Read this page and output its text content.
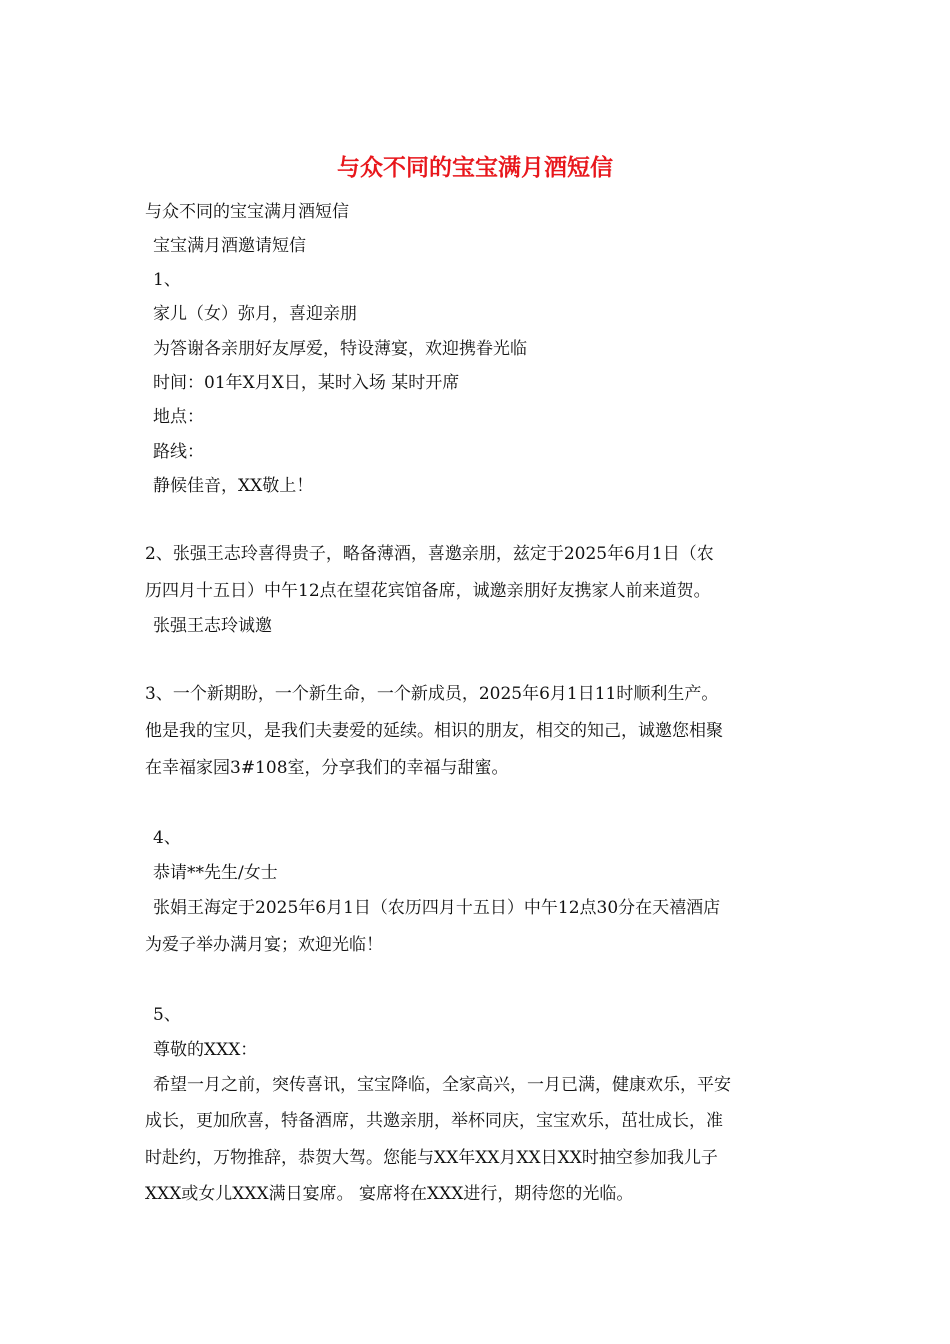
与众不同的宝宝满月酒短信
与众不同的宝宝满月酒短信
宝宝满月酒邀请短信
1、
家儿（女）弥月，喜迎亲朋
为答谢各亲朋好友厚爱，特设薄宴，欢迎携眷光临
时间：01年X月X日，某时入场 某时开席
地点：
路线：
静候佳音，XX敬上！
2、张强王志玲喜得贵子，略备薄酒，喜邀亲朋，兹定于2025年6月1日（农
历四月十五日）中午12点在望花宾馆备席，诚邀亲朋好友携家人前来道贺。
张强王志玲诚邀
3、一个新期盼，一个新生命，一个新成员，2025年6月1日11时顺利生产。
他是我的宝贝，是我们夫妻爱的延续。相识的朋友，相交的知己，诚邀您相聚
在幸福家园3#108室，分享我们的幸福与甜蜜。
4、
恭请**先生/女士
张娟王海定于2025年6月1日（农历四月十五日）中午12点30分在天禧酒店
为爱子举办满月宴；欢迎光临！
5、
尊敬的XXX：
希望一月之前，突传喜讯，宝宝降临，全家高兴，一月已满，健康欢乐，平安
成长，更加欣喜，特备酒席，共邀亲朋，举杯同庆，宝宝欢乐，茁壮成长，准
时赴约，万物推辞，恭贺大驾。您能与XX年XX月XX日XX时抽空参加我儿子
XXX或女儿XXX满日宴席。 宴席将在XXX进行，期待您的光临。
